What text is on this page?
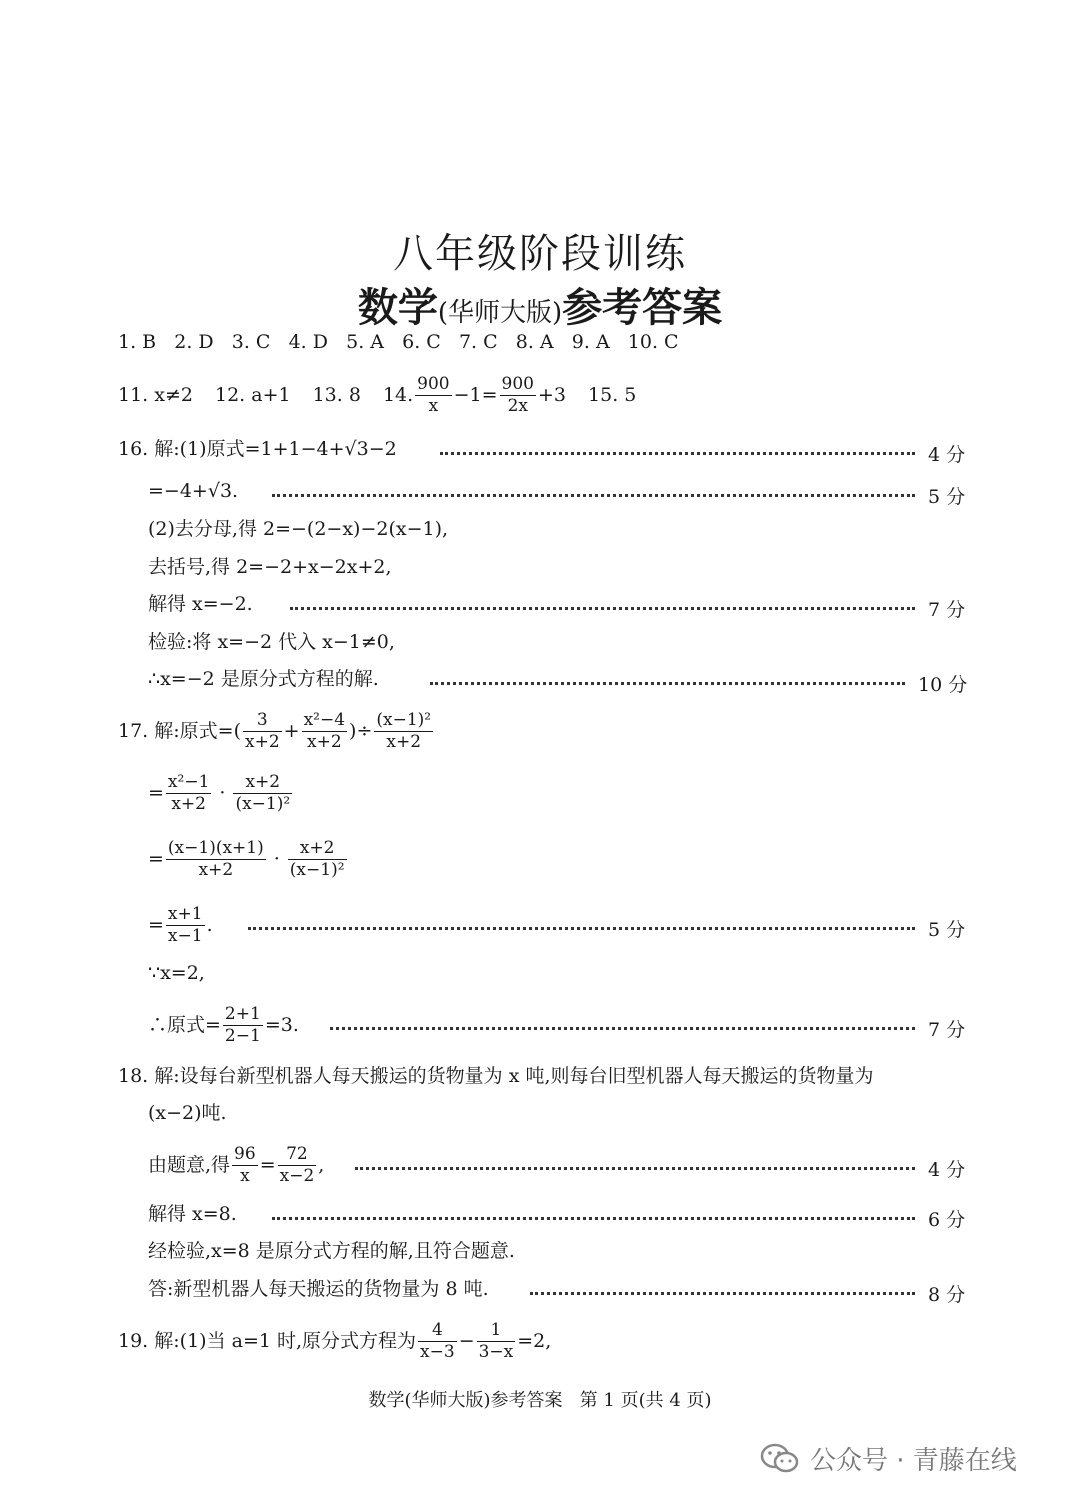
八年级阶段训练
数学(华师大版)参考答案
1. B   2. D   3. C   4. D   5. A   6. C   7. C   8. A   9. A   10. C
11. x≠2 12. a+1 13. 8 14. $\frac{900}{x} -1= \frac{900}{2x} +3$ 15. 5
16. 解:(1)原式=1+1−4+√3−2	4 分
=−4+√3.	5 分
(2)去分母,得 2=−(2−x)−2(x−1),
去括号,得 2=−2+x−2x+2,
解得 x=−2.	7 分
检验:将 x=−2 代入 x−1≠0,
∴x=−2 是原分式方程的解.	10 分
17. 解:原式=( $\frac{3}{x+2} + \frac{\text{x²−4}}{x+2}$ )÷ $\frac{\text{(x−1)²}}{x+2}$
= $\frac{\text{x²−1}}{x+2} \cdot \frac{x+2}{\text{(x−1)²}}$
= $\frac{(x-1)(x+1)}{x+2} \cdot \frac{x+2}{\text{(x−1)²}}$
= $\frac{x+1}{x-1}$ .	5 分
∵x=2,
∴原式= $\frac{2+1}{2-1} =3$.	7 分
18. 解:设每台新型机器人每天搬运的货物量为 x 吨,则每台旧型机器人每天搬运的货物量为
(x−2)吨.
由题意,得 $\frac{96}{x} = \frac{72}{x-2}$ ,	4 分
解得 x=8.	6 分
经检验,x=8 是原分式方程的解,且符合题意.
答:新型机器人每天搬运的货物量为 8 吨.	8 分
19. 解:(1)当 a=1 时,原分式方程为 $\frac{4}{x-3} - \frac{1}{3-x} =2$,
数学(华师大版)参考答案   第 1 页(共 4 页)
公众号 · 青藤在线
